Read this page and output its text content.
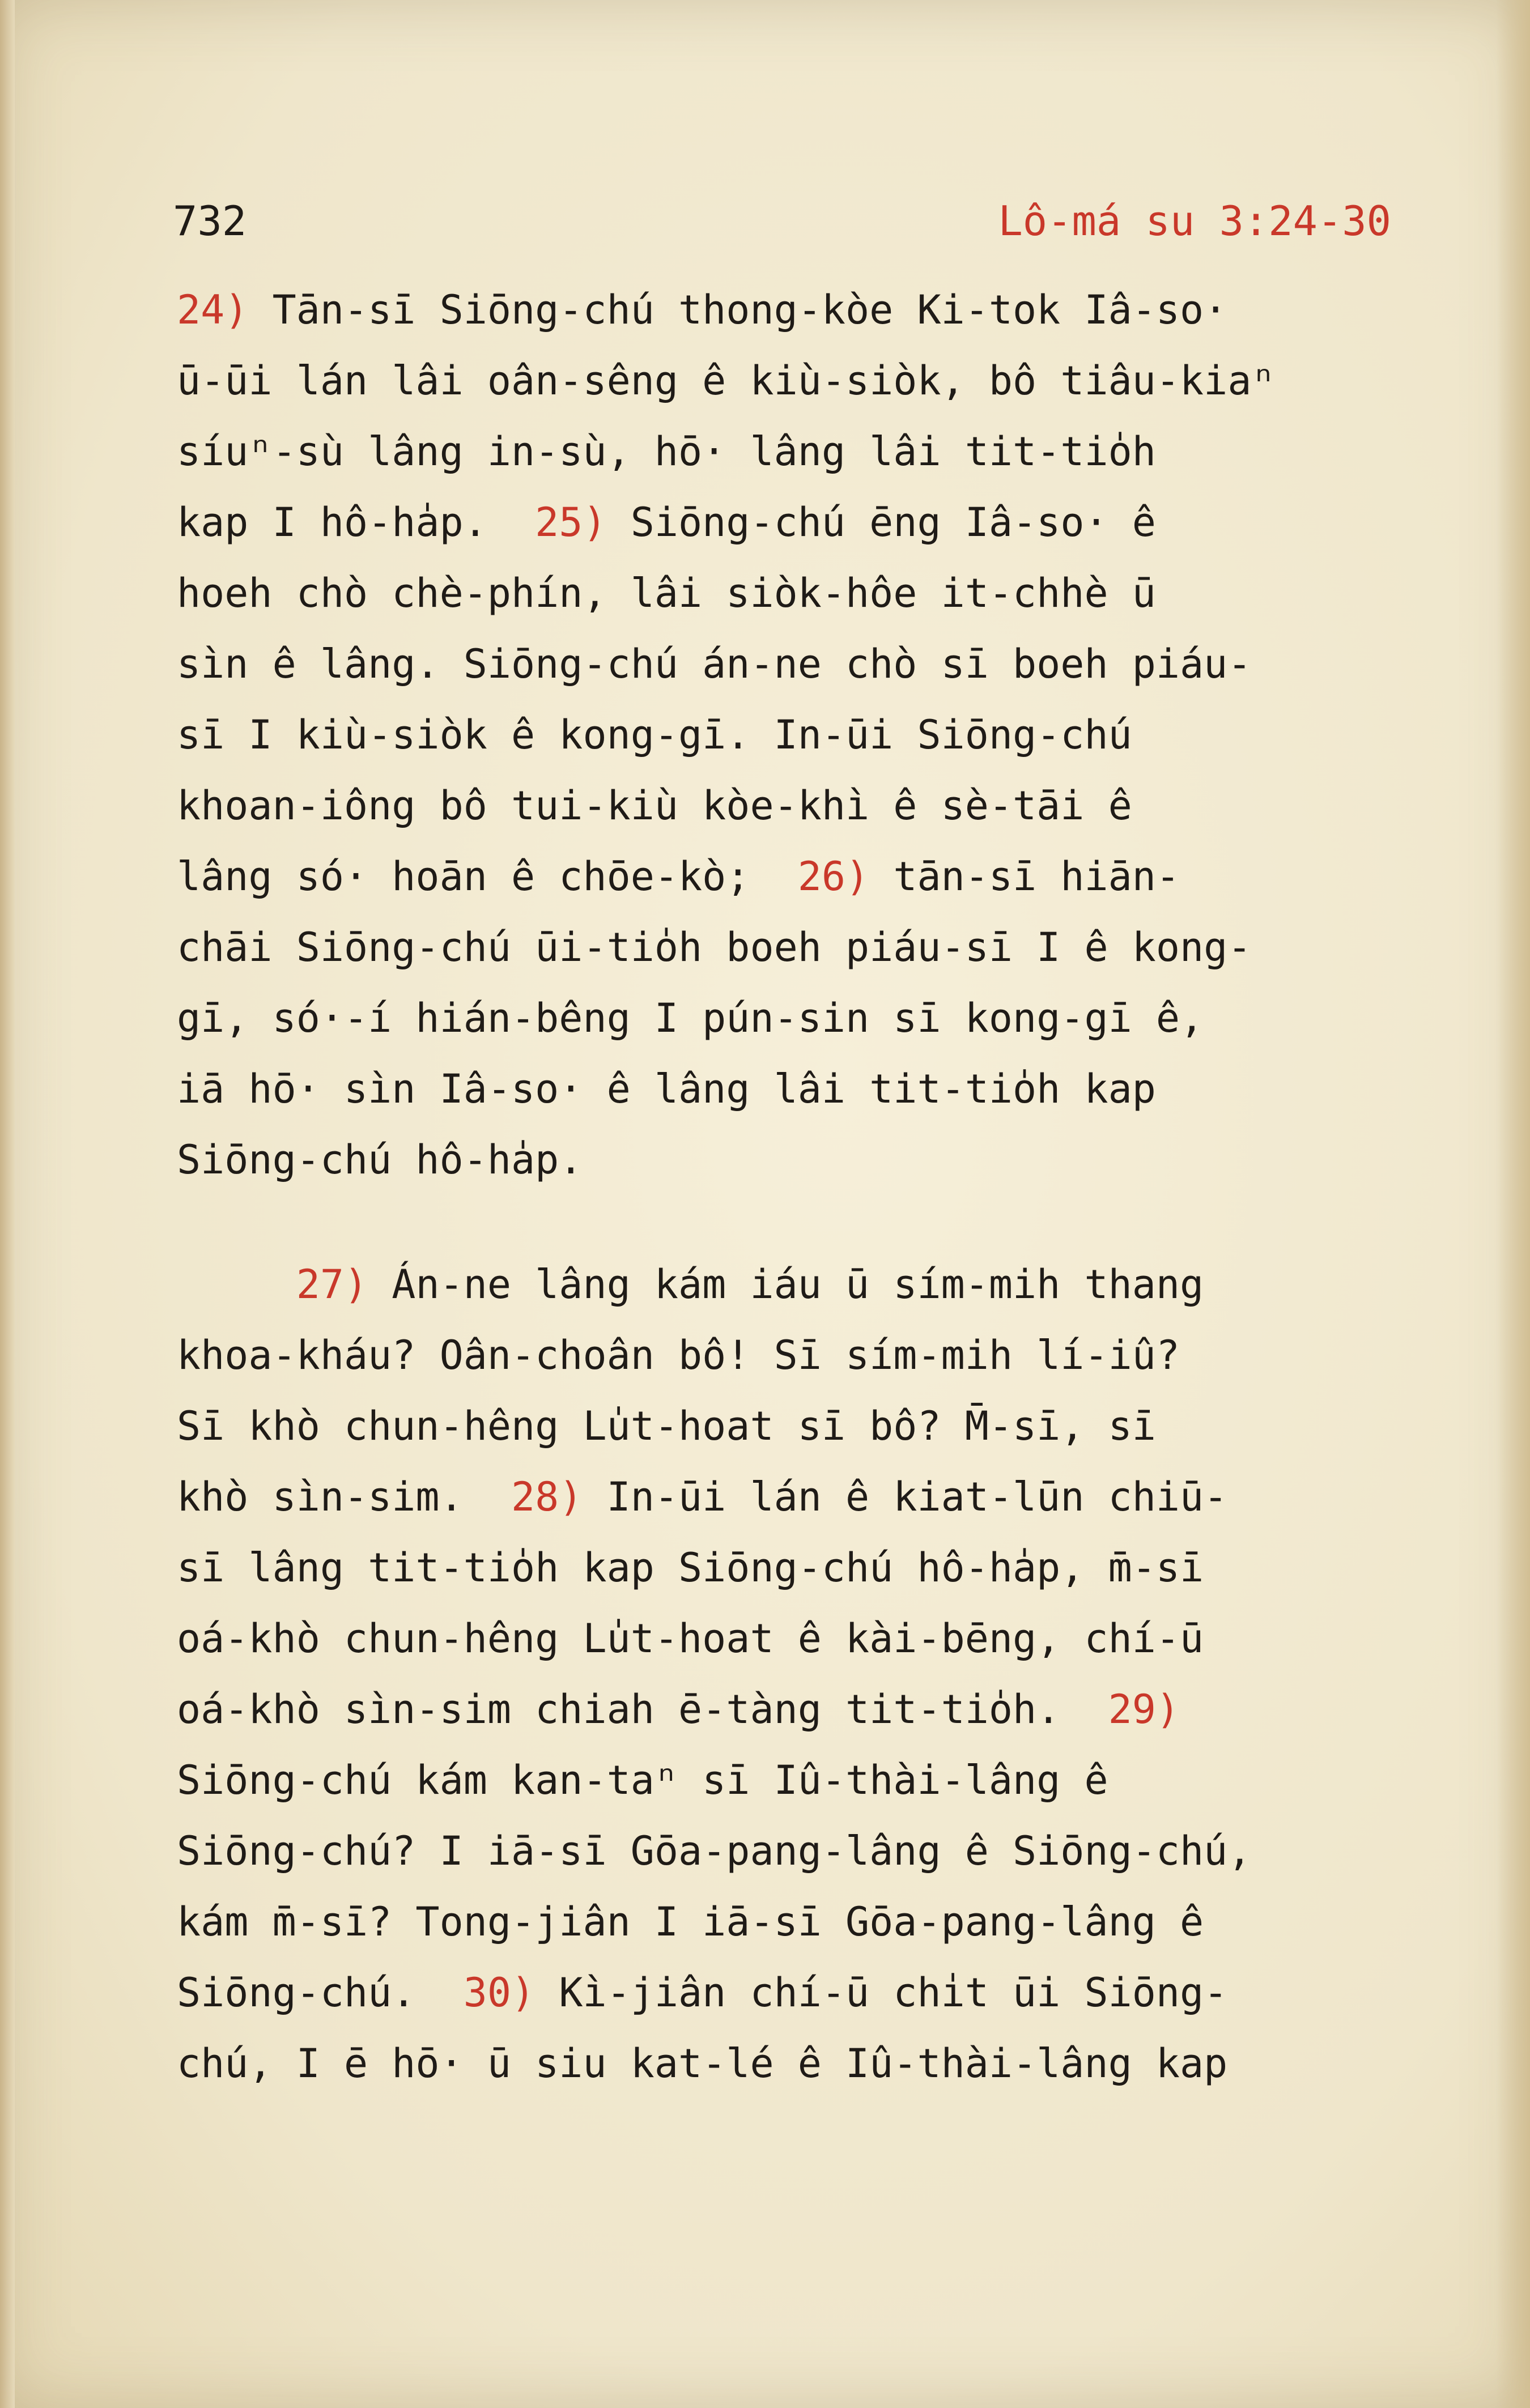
732	Lô-má su 3:24-30
24) Tān-sī Siōng-chú thong-kòe Ki-tok Iâ-so·
ū-ūi lán lâi oân-sêng ê kiù-siòk, bô tiâu-kiaⁿ
síuⁿ-sù lâng in-sù, hō· lâng lâi tit-tio̍h
kap I hô-ha̍p.  25) Siōng-chú ēng Iâ-so· ê
hoeh chò chè-phín, lâi siòk-hôe it-chhè ū
sìn ê lâng. Siōng-chú án-ne chò sī boeh piáu-
sī I kiù-siòk ê kong-gī. In-ūi Siōng-chú
khoan-iông bô tui-kiù kòe-khì ê sè-tāi ê
lâng só· hoān ê chōe-kò;  26) tān-sī hiān-
chāi Siōng-chú ūi-tio̍h boeh piáu-sī I ê kong-
gī, só·-í hián-bêng I pún-sin sī kong-gī ê,
iā hō· sìn Iâ-so· ê lâng lâi tit-tio̍h kap
Siōng-chú hô-ha̍p.
27) Án-ne lâng kám iáu ū sím-mih thang
khoa-kháu? Oân-choân bô! Sī sím-mih lí-iû?
Sī khò chun-hêng Lu̍t-hoat sī bô? M̄-sī, sī
khò sìn-sim.  28) In-ūi lán ê kiat-lūn chiū-
sī lâng tit-tio̍h kap Siōng-chú hô-ha̍p, m̄-sī
oá-khò chun-hêng Lu̍t-hoat ê kài-bēng, chí-ū
oá-khò sìn-sim chiah ē-tàng tit-tio̍h.  29)
Siōng-chú kám kan-taⁿ sī Iû-thài-lâng ê
Siōng-chú? I iā-sī Gōa-pang-lâng ê Siōng-chú,
kám m̄-sī? Tong-jiân I iā-sī Gōa-pang-lâng ê
Siōng-chú.  30) Kì-jiân chí-ū chi̍t ūi Siōng-
chú, I ē hō· ū siu kat-lé ê Iû-thài-lâng kap
